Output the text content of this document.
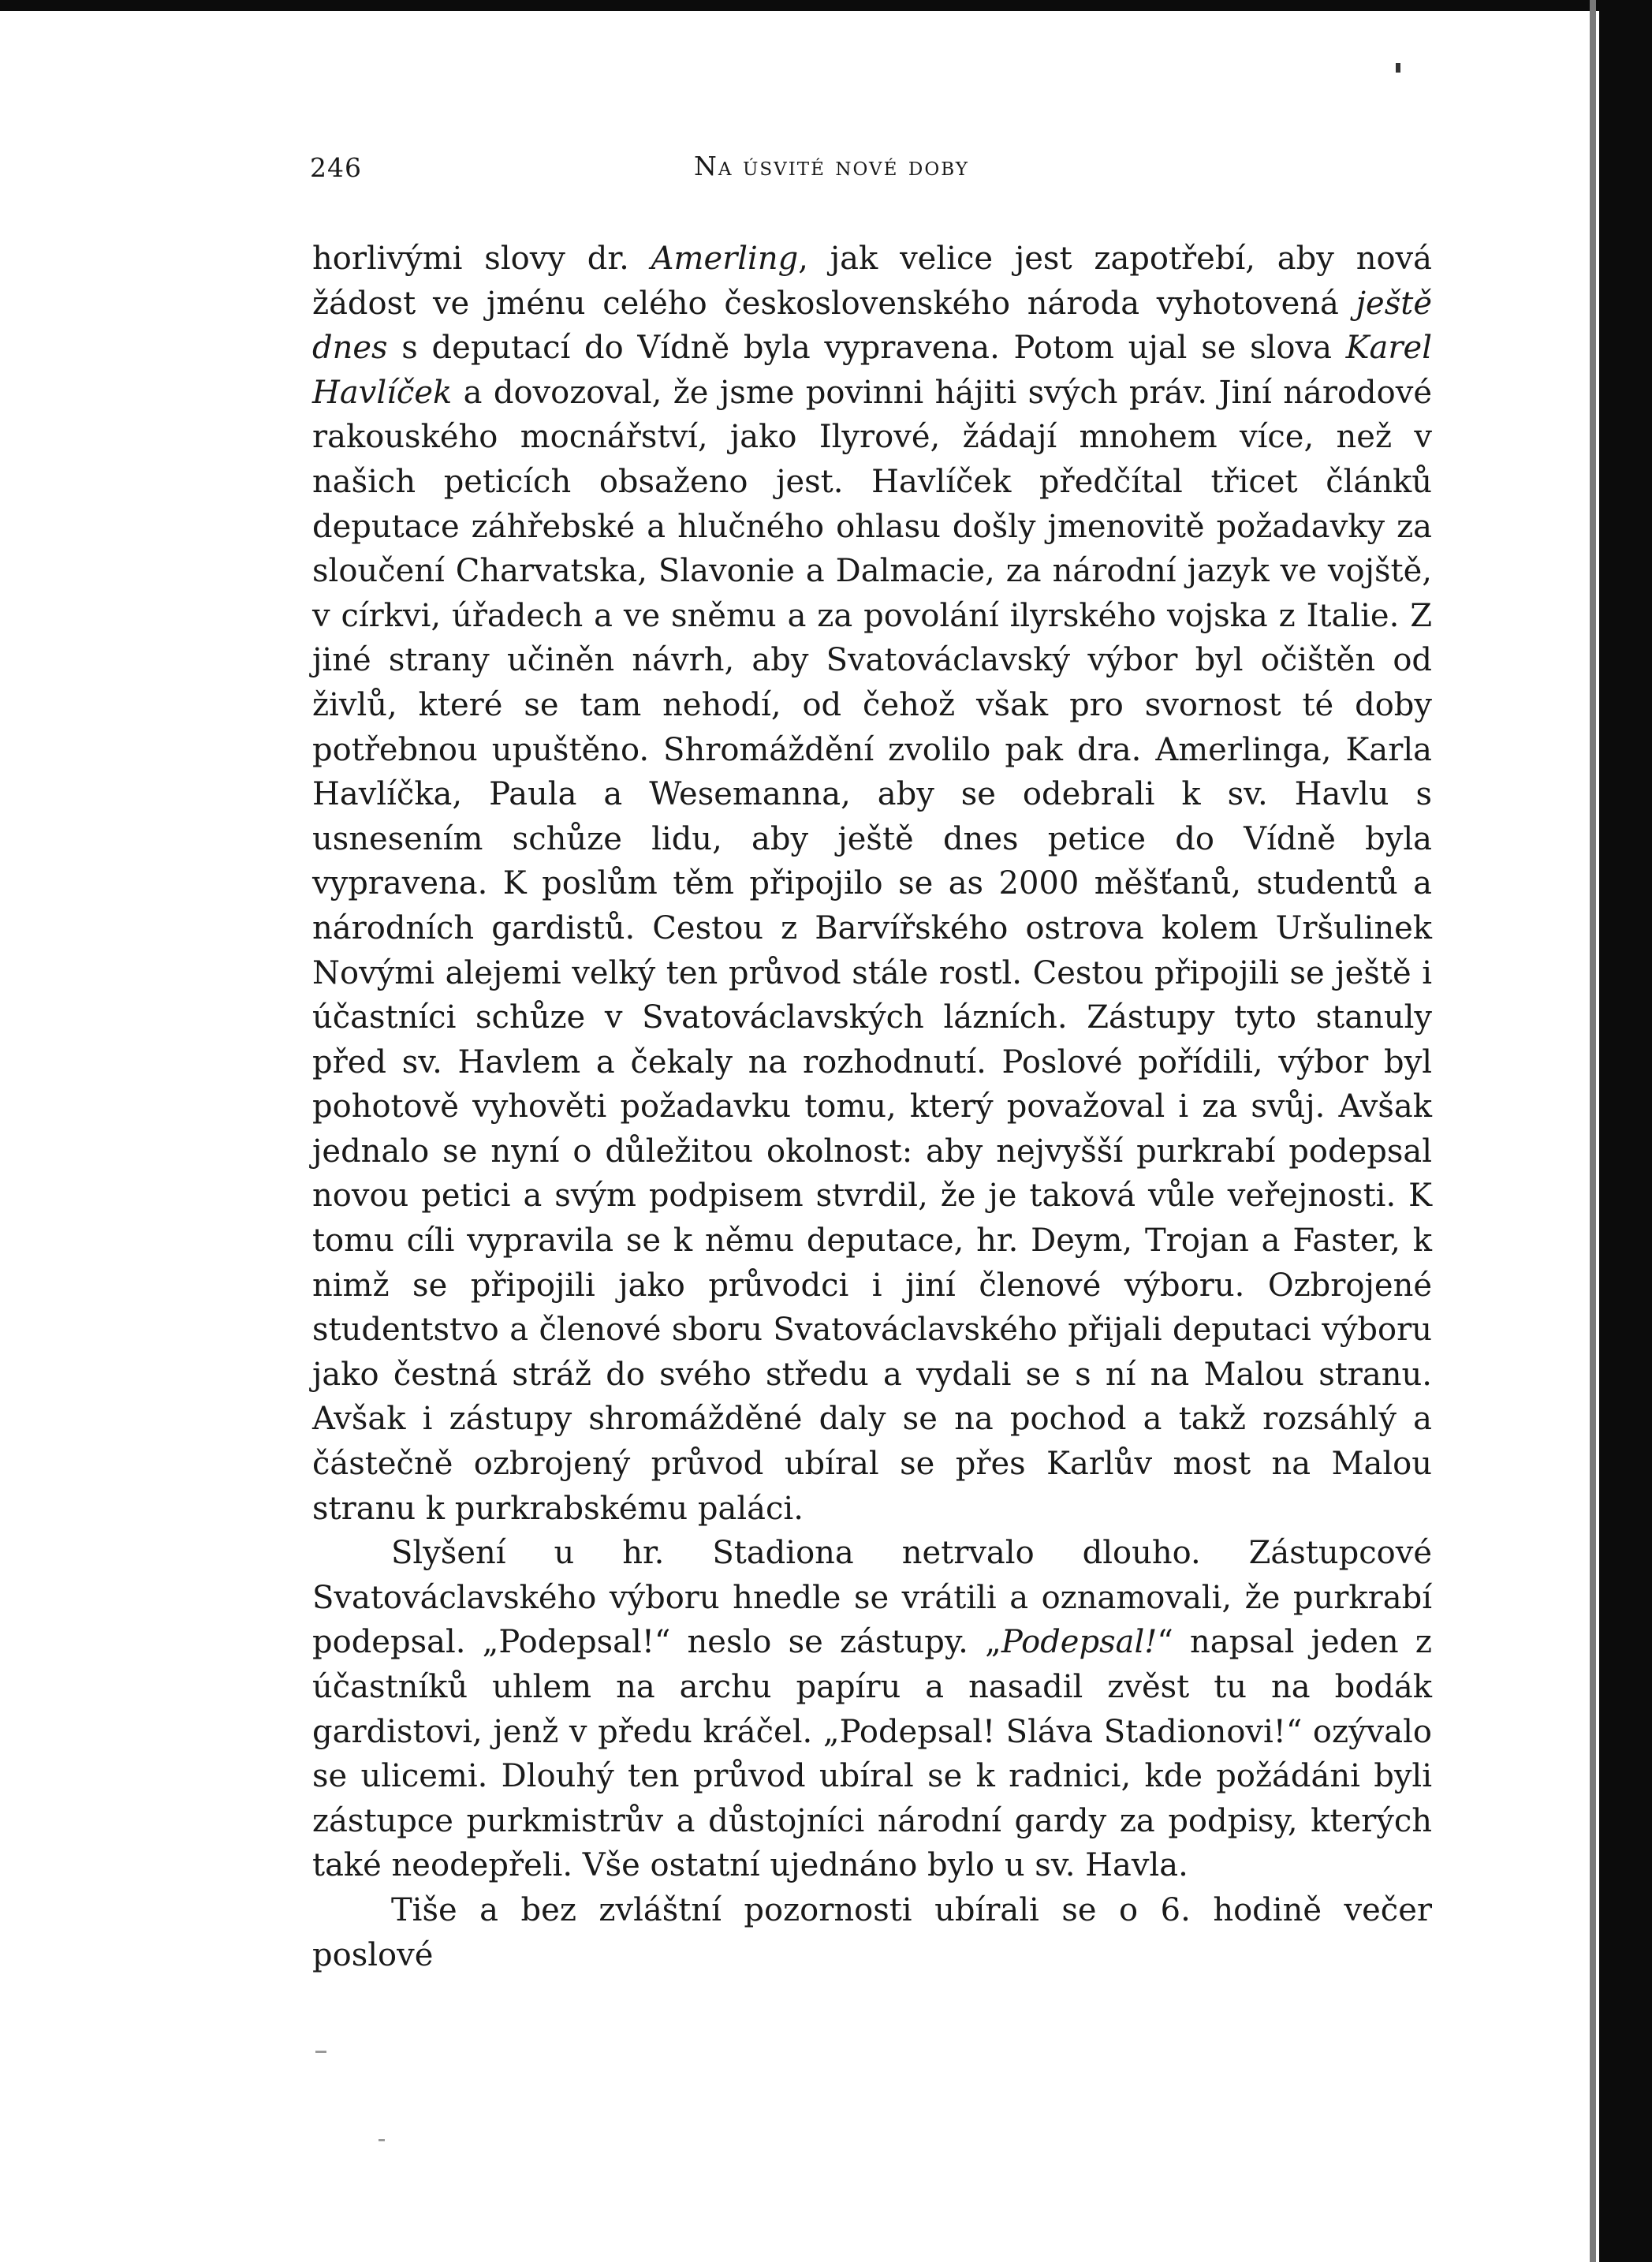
246	Na úsvité nové doby

horlivými slovy dr. Amerling, jak velice jest zapotřebí, aby nová žádost ve jménu celého československého národa vyhotovená ještě dnes s deputací do Vídně byla vypravena. Potom ujal se slova Karel Havlíček a dovozoval, že jsme povinni hájiti svých práv. Jiní národové rakouského mocnářství, jako Ilyrové, žádají mnohem více, než v našich peticích obsaženo jest. Havlíček předčítal třicet článků deputace záhřebské a hlučného ohlasu došly jmenovitě požadavky za sloučení Charvatska, Slavonie a Dalmacie, za národní jazyk ve vojště, v církvi, úřadech a ve sněmu a za povolání ilyrského vojska z Italie. Z jiné strany učiněn návrh, aby Svatováclavský výbor byl očištěn od živlů, které se tam nehodí, od čehož však pro svornost té doby potřebnou upuštěno. Shromáždění zvolilo pak dra. Amerlinga, Karla Havlíčka, Paula a Wesemanna, aby se odebrali k sv. Havlu s usnesením schůze lidu, aby ještě dnes petice do Vídně byla vypravena. K poslům těm připojilo se as 2000 měšťanů, studentů a národních gardistů. Cestou z Barvířského ostrova kolem Uršulinek Novými alejemi velký ten průvod stále rostl. Cestou připojili se ještě i účastníci schůze v Svatováclavských lázních. Zástupy tyto stanuly před sv. Havlem a čekaly na rozhodnutí. Poslové pořídili, výbor byl pohotově vyhověti požadavku tomu, který považoval i za svůj. Avšak jednalo se nyní o důležitou okolnost: aby nejvyšší purkrabí podepsal novou petici a svým podpisem stvrdil, že je taková vůle veřejnosti. K tomu cíli vypravila se k němu deputace, hr. Deym, Trojan a Faster, k nimž se připojili jako průvodci i jiní členové výboru. Ozbrojené studentstvo a členové sboru Svatováclavského přijali deputaci výboru jako čestná stráž do svého středu a vydali se s ní na Malou stranu. Avšak i zástupy shromážděné daly se na pochod a takž rozsáhlý a částečně ozbrojený průvod ubíral se přes Karlův most na Malou stranu k purkrabskému paláci.

Slyšení u hr. Stadiona netrvalo dlouho. Zástupcové Svatováclavského výboru hnedle se vrátili a oznamovali, že purkrabí podepsal. „Podepsal!“ neslo se zástupy. „Podepsal!“ napsal jeden z účastníků uhlem na archu papíru a nasadil zvěst tu na bodák gardistovi, jenž v předu kráčel. „Podepsal! Sláva Stadionovi!“ ozývalo se ulicemi. Dlouhý ten průvod ubíral se k radnici, kde požádáni byli zástupce purkmistrův a důstojníci národní gardy za podpisy, kterých také neodepřeli. Vše ostatní ujednáno bylo u sv. Havla.

Tiše a bez zvláštní pozornosti ubírali se o 6. hodině večer poslové
